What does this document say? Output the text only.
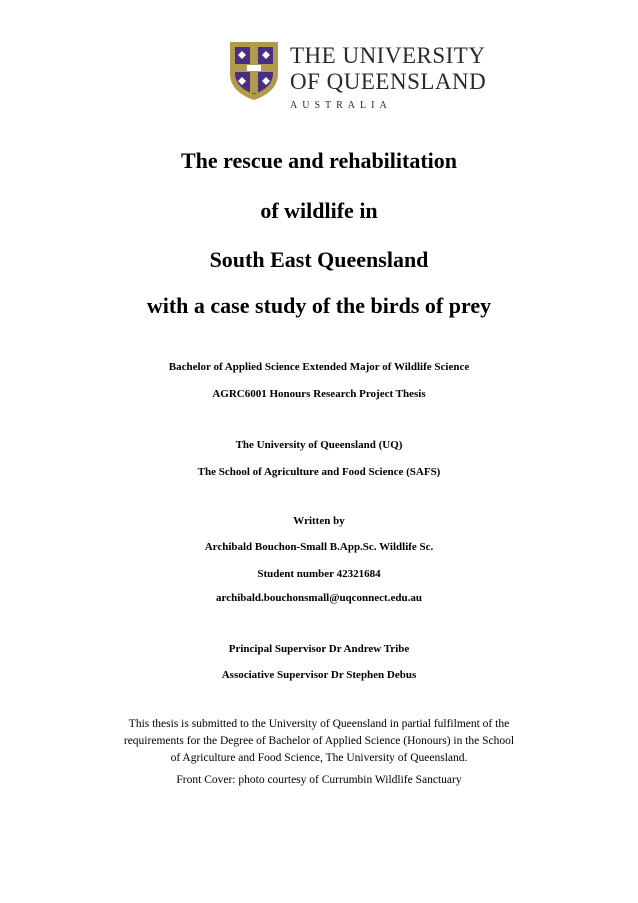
THE UNIVERSITY
OF QUEENSLAND
AUSTRALIA
The rescue and rehabilitation
of wildlife in
South East Queensland
with a case study of the birds of prey
Bachelor of Applied Science Extended Major of Wildlife Science
AGRC6001 Honours Research Project Thesis
The University of Queensland (UQ)
The School of Agriculture and Food Science (SAFS)
Written by
Archibald Bouchon-Small B.App.Sc. Wildlife Sc.
Student number 42321684
archibald.bouchonsmall@uqconnect.edu.au
Principal Supervisor Dr Andrew Tribe
Associative Supervisor Dr Stephen Debus
This thesis is submitted to the University of Queensland in partial fulfilment of the
requirements for the Degree of Bachelor of Applied Science (Honours) in the School
of Agriculture and Food Science, The University of Queensland.
Front Cover: photo courtesy of Currumbin Wildlife Sanctuary
